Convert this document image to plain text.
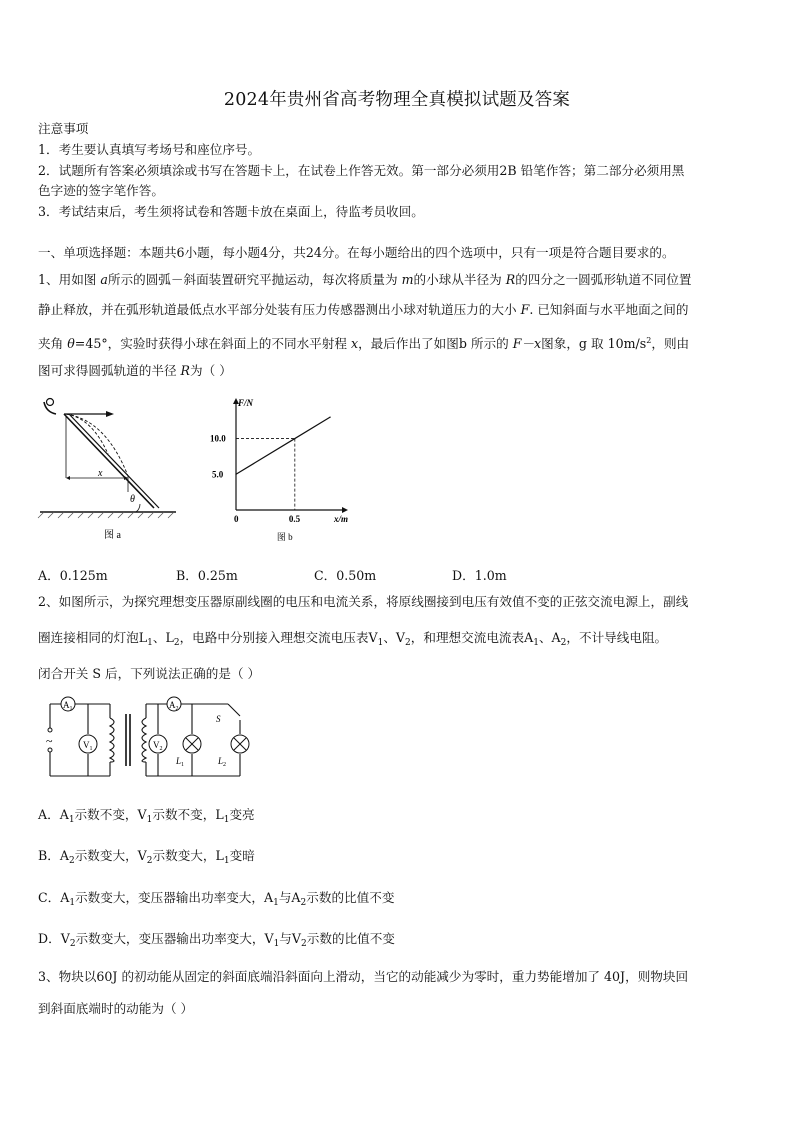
2024年贵州省高考物理全真模拟试题及答案
注意事项
1．考生要认真填写考场号和座位序号。
2．试题所有答案必须填涂或书写在答题卡上，在试卷上作答无效。第一部分必须用2B 铅笔作答；第二部分必须用黑
色字迹的签字笔作答。
3．考试结束后，考生须将试卷和答题卡放在桌面上，待监考员收回。
一、单项选择题：本题共6小题，每小题4分，共24分。在每小题给出的四个选项中，只有一项是符合题目要求的。
1、用如图 a所示的圆弧－斜面装置研究平抛运动，每次将质量为 m的小球从半径为 R的四分之一圆弧形轨道不同位置
静止释放，并在弧形轨道最低点水平部分处装有压力传感器测出小球对轨道压力的大小 F. 已知斜面与水平地面之间的
夹角 θ=45°，实验时获得小球在斜面上的不同水平射程 x，最后作出了如图b 所示的 F－x图象，g 取 $10m/s^2$，则由
图可求得圆弧轨道的半径 R为（ ）
x
θ
图 a
F/N
x/m
0	0.5
5.0
10.0
图 b
A．0.125m	B．0.25m	C．0.50m	D．1.0m
2、如图所示，为探究理想变压器原副线圈的电压和电流关系，将原线圈接到电压有效值不变的正弦交流电源上，副线
圈连接相同的灯泡$L_1$、$L_2$，电路中分别接入理想交流电压表$V_1$、$V_2$，和理想交流电流表$A_1$、$A_2$，不计导线电阻。
闭合开关 S 后，下列说法正确的是（ ）
~
$A_1$
$V_1$
$A_2$
$V_2$
$L_1$	$L_2$
S
A．$A_1$示数不变，$V_1$示数不变，$L_1$变亮
B．$A_2$示数变大，$V_2$示数变大，$L_1$变暗
C．$A_1$示数变大，变压器输出功率变大，$A_1$与$A_2$示数的比值不变
D．$V_2$示数变大，变压器输出功率变大，$V_1$与$V_2$示数的比值不变
3、物块以60J 的初动能从固定的斜面底端沿斜面向上滑动，当它的动能减少为零时，重力势能增加了 40J，则物块回
到斜面底端时的动能为（ ）
